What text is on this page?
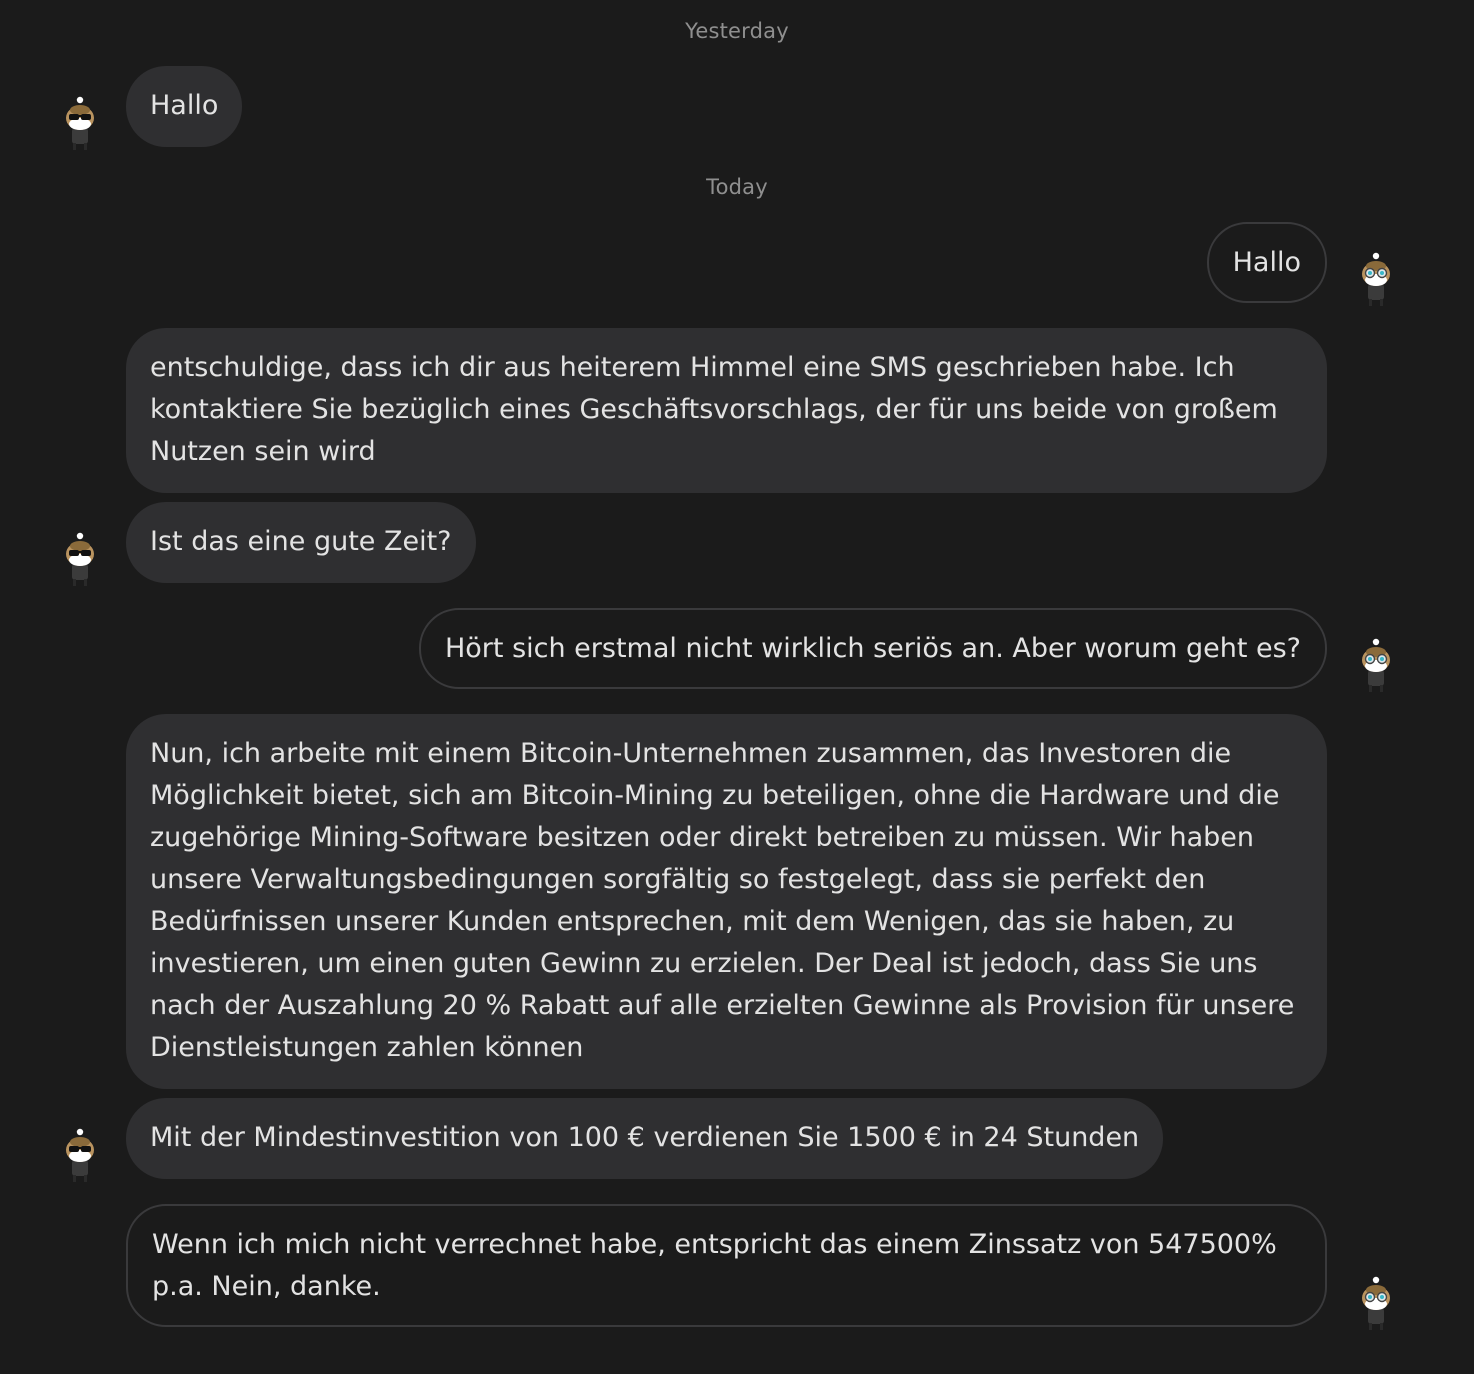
Yesterday
Hallo
Today
Hallo
entschuldige, dass ich dir aus heiterem Himmel eine SMS geschrieben habe. Ich kontaktiere Sie bezüglich eines Geschäftsvorschlags, der für uns beide von großem Nutzen sein wird
Ist das eine gute Zeit?
Hört sich erstmal nicht wirklich seriös an. Aber worum geht es?
Nun, ich arbeite mit einem Bitcoin-Unternehmen zusammen, das Investoren die Möglichkeit bietet, sich am Bitcoin-Mining zu beteiligen, ohne die Hardware und die zugehörige Mining-Software besitzen oder direkt betreiben zu müssen. Wir haben unsere Verwaltungsbedingungen sorgfältig so festgelegt, dass sie perfekt den Bedürfnissen unserer Kunden entsprechen, mit dem Wenigen, das sie haben, zu investieren, um einen guten Gewinn zu erzielen. Der Deal ist jedoch, dass Sie uns nach der Auszahlung 20 % Rabatt auf alle erzielten Gewinne als Provision für unsere Dienstleistungen zahlen können
Mit der Mindestinvestition von 100 € verdienen Sie 1500 € in 24 Stunden
Wenn ich mich nicht verrechnet habe, entspricht das einem Zinssatz von 547500% p.a. Nein, danke.
